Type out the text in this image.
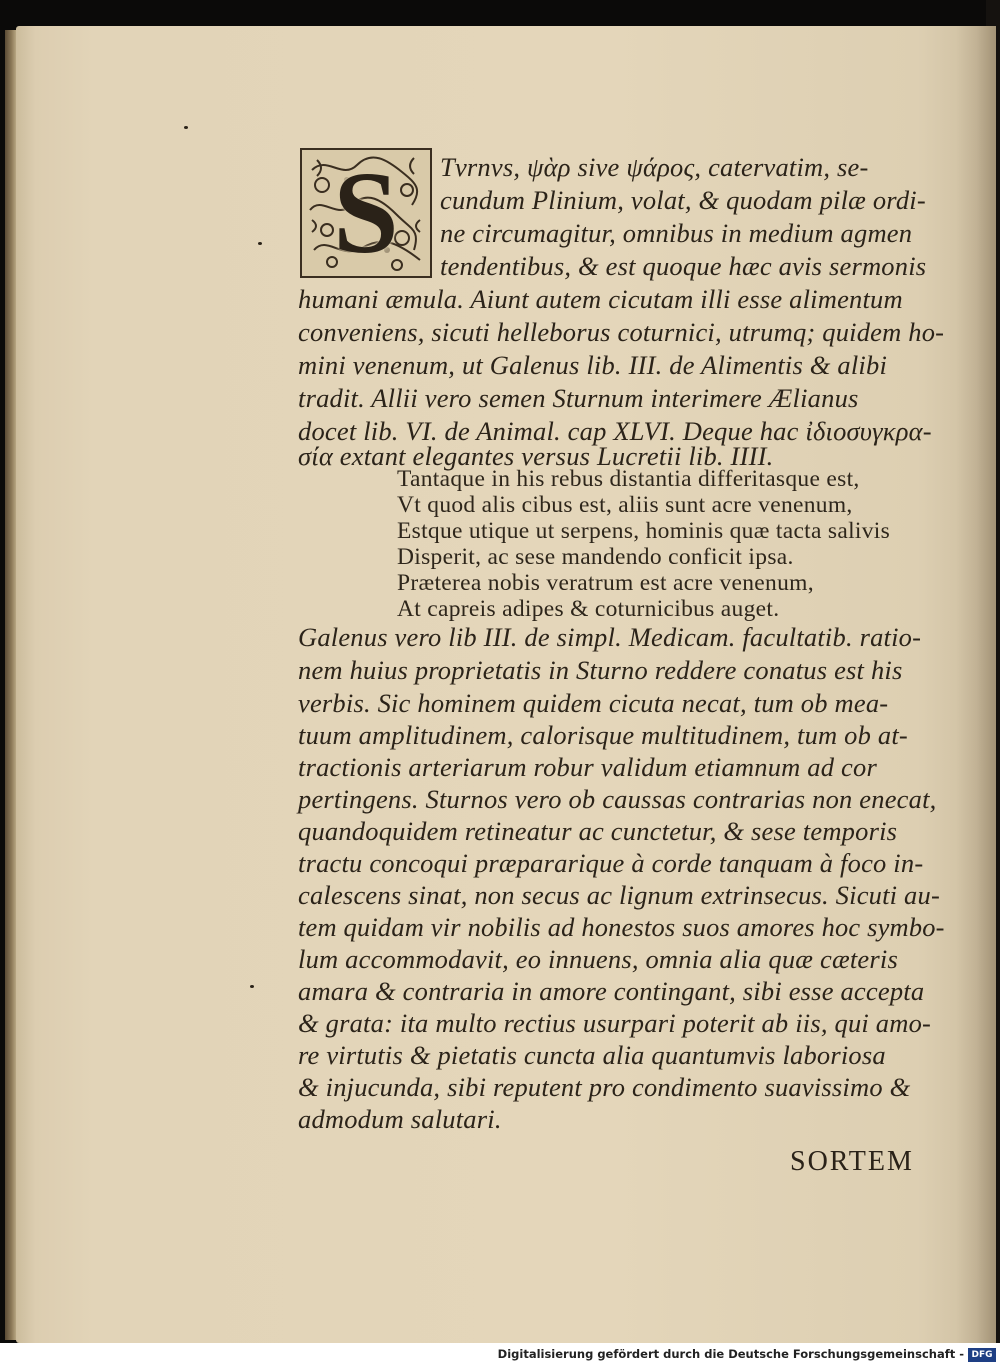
S	Tvrnvs, ψὰρ sive ψάρος, catervatim, se-
cundum Plinium, volat, & quodam pilæ ordi-
ne circumagitur, omnibus in medium agmen
tendentibus, & est quoque hæc avis sermonis
humani æmula. Aiunt autem cicutam illi esse alimentum
conveniens, sicuti helleborus coturnici, utrumq; quidem ho-
mini venenum, ut Galenus lib. III. de Alimentis & alibi
tradit. Allii vero semen Sturnum interimere Ælianus
docet lib. VI. de Animal. cap XLVI. Deque hac ἰδιοσυγκρα-
σία extant elegantes versus Lucretii lib. IIII.
Tantaque in his rebus distantia differitasque est,
Vt quod alis cibus est, aliis sunt acre venenum,
Estque utique ut serpens, hominis quæ tacta salivis
Disperit, ac sese mandendo conficit ipsa.
Præterea nobis veratrum est acre venenum,
At capreis adipes & coturnicibus auget.
Galenus vero lib III. de simpl. Medicam. facultatib. ratio-
nem huius proprietatis in Sturno reddere conatus est his
verbis. Sic hominem quidem cicuta necat, tum ob mea-
tuum amplitudinem, calorisque multitudinem, tum ob at-
tractionis arteriarum robur validum etiamnum ad cor
pertingens. Sturnos vero ob caussas contrarias non enecat,
quandoquidem retineatur ac cunctetur, & sese temporis
tractu concoqui prӕpararique à corde tanquam à foco in-
calescens sinat, non secus ac lignum extrinsecus. Sicuti au-
tem quidam vir nobilis ad honestos suos amores hoc symbo-
lum accommodavit, eo innuens, omnia alia quæ cæteris
amara & contraria in amore contingant, sibi esse accepta
& grata: ita multo rectius usurpari poterit ab iis, qui amo-
re virtutis & pietatis cuncta alia quantumvis laboriosa
& injucunda, sibi reputent pro condimento suavissimo &
admodum salutari.
SORTEM
Digitalisierung gefördert durch die Deutsche Forschungsgemeinschaft - DFG
